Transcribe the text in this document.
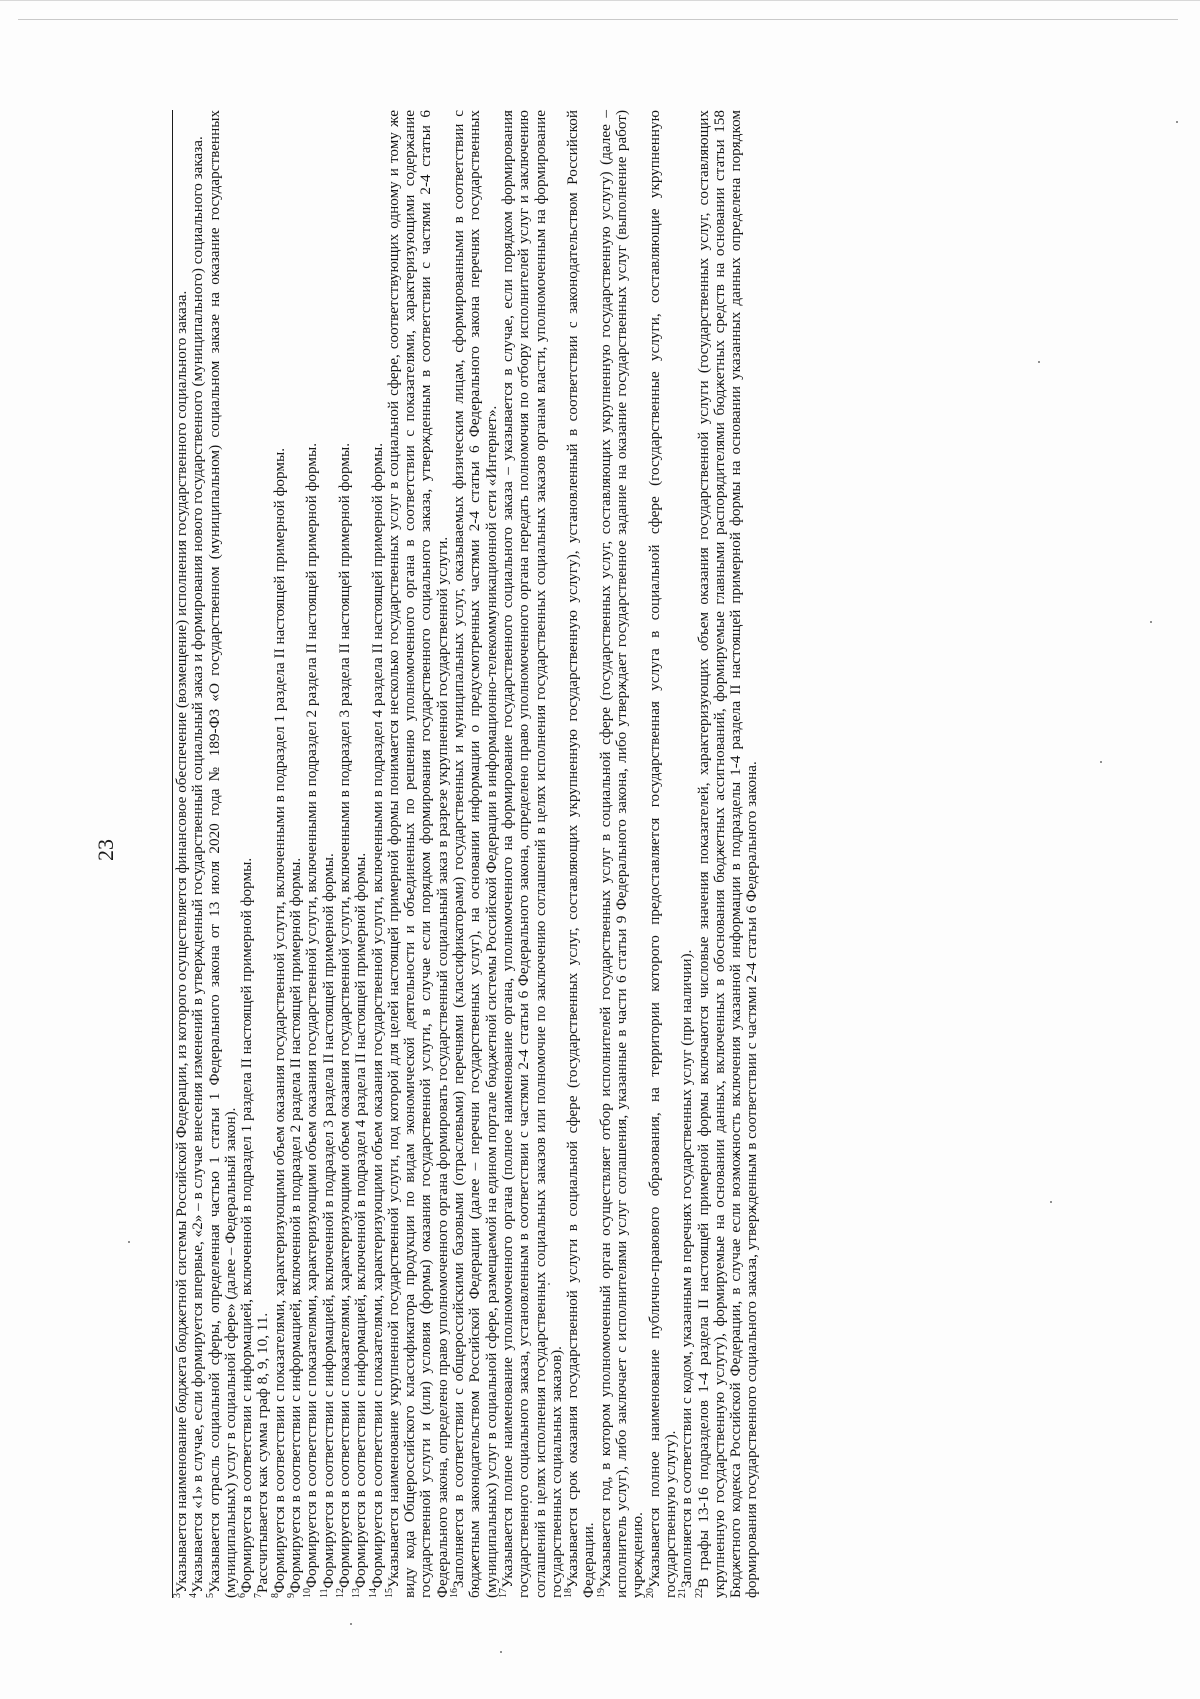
23

$^3$Указывается наименование бюджета бюджетной системы Российской Федерации, из которого осуществляется финансовое обеспечение (возмещение) исполнения государственного социального заказа.

$^4$Указывается «1» в случае, если формируется впервые, «2» – в случае внесения изменений в утвержденный государственный социальный заказ и формирования нового государственного (муниципального) социального заказа.

$^5$Указывается отрасль социальной сферы, определенная частью 1 статьи 1 Федерального закона от 13 июля 2020 года № 189-ФЗ «О государственном (муниципальном) социальном заказе на оказание государственных (муниципальных) услуг в социальной сфере» (далее – Федеральный закон).

$^6$Формируется в соответствии с информацией, включенной в подраздел 1 раздела II настоящей примерной формы.

$^7$Рассчитывается как сумма граф 8, 9, 10, 11.

$^8$Формируется в соответствии с показателями, характеризующими объем оказания государственной услуги, включенными в подраздел 1 раздела II настоящей примерной формы.

$^9$Формируется в соответствии с информацией, включенной в подраздел 2 раздела II настоящей примерной формы.

$^{10}$Формируется в соответствии с показателями, характеризующими объем оказания государственной услуги, включенными в подраздел 2 раздела II настоящей примерной формы.

$^{11}$Формируется в соответствии с информацией, включенной в подраздел 3 раздела II настоящей примерной формы.

$^{12}$Формируется в соответствии с показателями, характеризующими объем оказания государственной услуги, включенными в подраздел 3 раздела II настоящей примерной формы.

$^{13}$Формируется в соответствии с информацией, включенной в подраздел 4 раздела II настоящей примерной формы.

$^{14}$Формируется в соответствии с показателями, характеризующими объем оказания государственной услуги, включенными в подраздел 4 раздела II настоящей примерной формы.

$^{15}$Указывается наименование укрупненной государственной услуги, под которой для целей настоящей примерной формы понимается несколько государственных услуг в социальной сфере, соответствующих одному и тому же виду кода Общероссийского классификатора продукции по видам экономической деятельности и объединенных по решению уполномоченного органа в соответствии с показателями, характеризующими содержание государственной услуги и (или) условия (формы) оказания государственной услуги, в случае если порядком формирования государственного социального заказа, утвержденным в соответствии с частями 2-4 статьи 6 Федерального закона, определено право уполномоченного органа формировать государственный социальный заказ в разрезе укрупненной государственной услуги.

$^{16}$Заполняется в соответствии с общероссийскими базовыми (отраслевыми) перечнями (классификаторами) государственных и муниципальных услуг, оказываемых физическим лицам, сформированными в соответствии с бюджетным законодательством Российской Федерации (далее – перечни государственных услуг), на основании информации о предусмотренных частями 2-4 статьи 6 Федерального закона перечнях государственных (муниципальных) услуг в социальной сфере, размещаемой на едином портале бюджетной системы Российской Федерации в информационно-телекоммуникационной сети «Интернет».

$^{17}$Указывается полное наименование уполномоченного органа (полное наименование органа, уполномоченного на формирование государственного социального заказа – указывается в случае, если порядком формирования государственного социального заказа, установленным в соответствии с частями 2-4 статьи 6 Федерального закона, определено право уполномоченного органа передать полномочия по отбору исполнителей услуг и заключению соглашений в целях исполнения государственных социальных заказов или полномочие по заключению соглашений в целях исполнения государственных социальных заказов органам власти, уполномоченным на формирование государственных социальных заказов).

$^{18}$Указывается срок оказания государственной услуги в социальной сфере (государственных услуг, составляющих укрупненную государственную услугу), установленный в соответствии с законодательством Российской Федерации.

$^{19}$Указывается год, в котором уполномоченный орган осуществляет отбор исполнителей государственных услуг в социальной сфере (государственных услуг, составляющих укрупненную государственную услугу) (далее – исполнитель услуг), либо заключает с исполнителями услуг соглашения, указанные в части 6 статьи 9 Федерального закона, либо утверждает государственное задание на оказание государственных услуг (выполнение работ) учреждению.

$^{20}$Указывается полное наименование публично-правового образования, на территории которого предоставляется государственная услуга в социальной сфере (государственные услуги, составляющие укрупненную государственную услугу).

$^{21}$Заполняется в соответствии с кодом, указанным в перечнях государственных услуг (при наличии).

$^{22}$В графы 13-16 подразделов 1-4 раздела II настоящей примерной формы включаются числовые значения показателей, характеризующих объем оказания государственной услуги (государственных услуг, составляющих укрупненную государственную услугу), формируемые на основании данных, включенных в обоснования бюджетных ассигнований, формируемые главными распорядителями бюджетных средств на основании статьи 158 Бюджетного кодекса Российской Федерации, в случае если возможность включения указанной информации в подразделы 1-4 раздела II настоящей примерной формы на основании указанных данных определена порядком формирования государственного социального заказа, утвержденным в соответствии с частями 2-4 статьи 6 Федерального закона.
